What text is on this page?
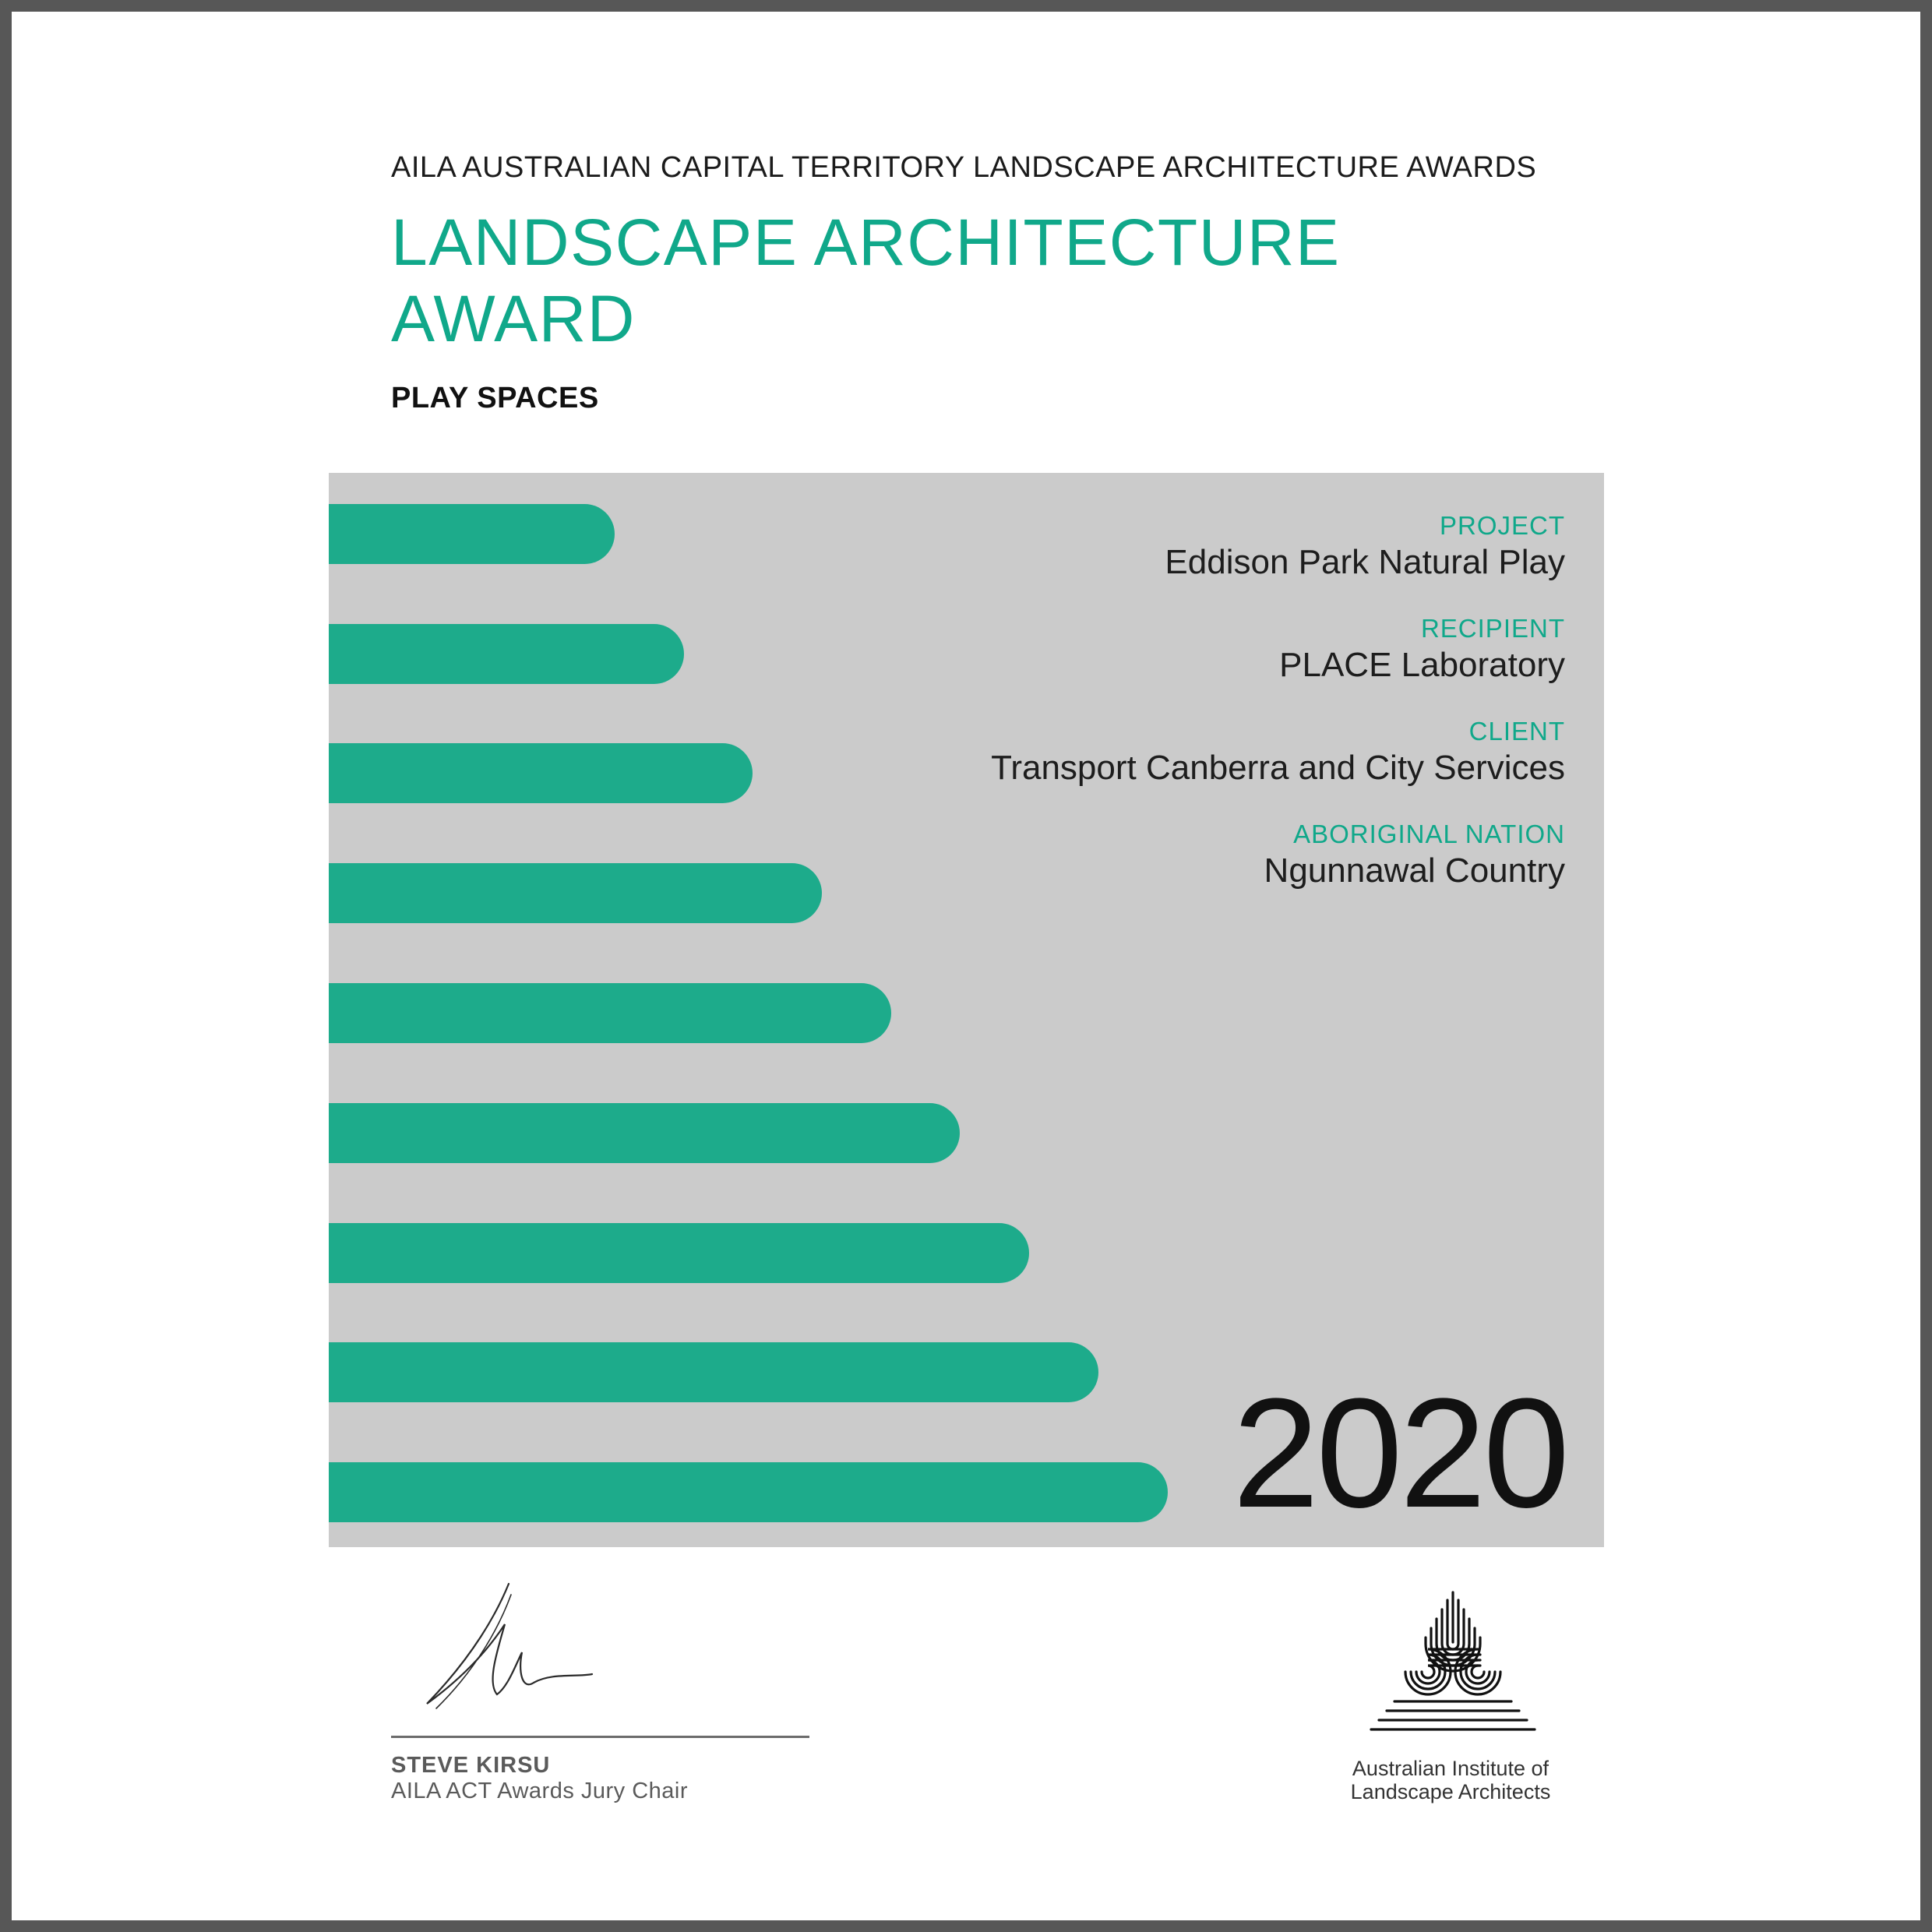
AILA AUSTRALIAN CAPITAL TERRITORY LANDSCAPE ARCHITECTURE AWARDS
LANDSCAPE ARCHITECTURE
AWARD
PLAY SPACES
PROJECT
Eddison Park Natural Play
RECIPIENT
PLACE Laboratory
CLIENT
Transport Canberra and City Services
ABORIGINAL NATION
Ngunnawal Country
2020
STEVE KIRSU
AILA ACT Awards Jury Chair
Australian Institute of
Landscape Architects
